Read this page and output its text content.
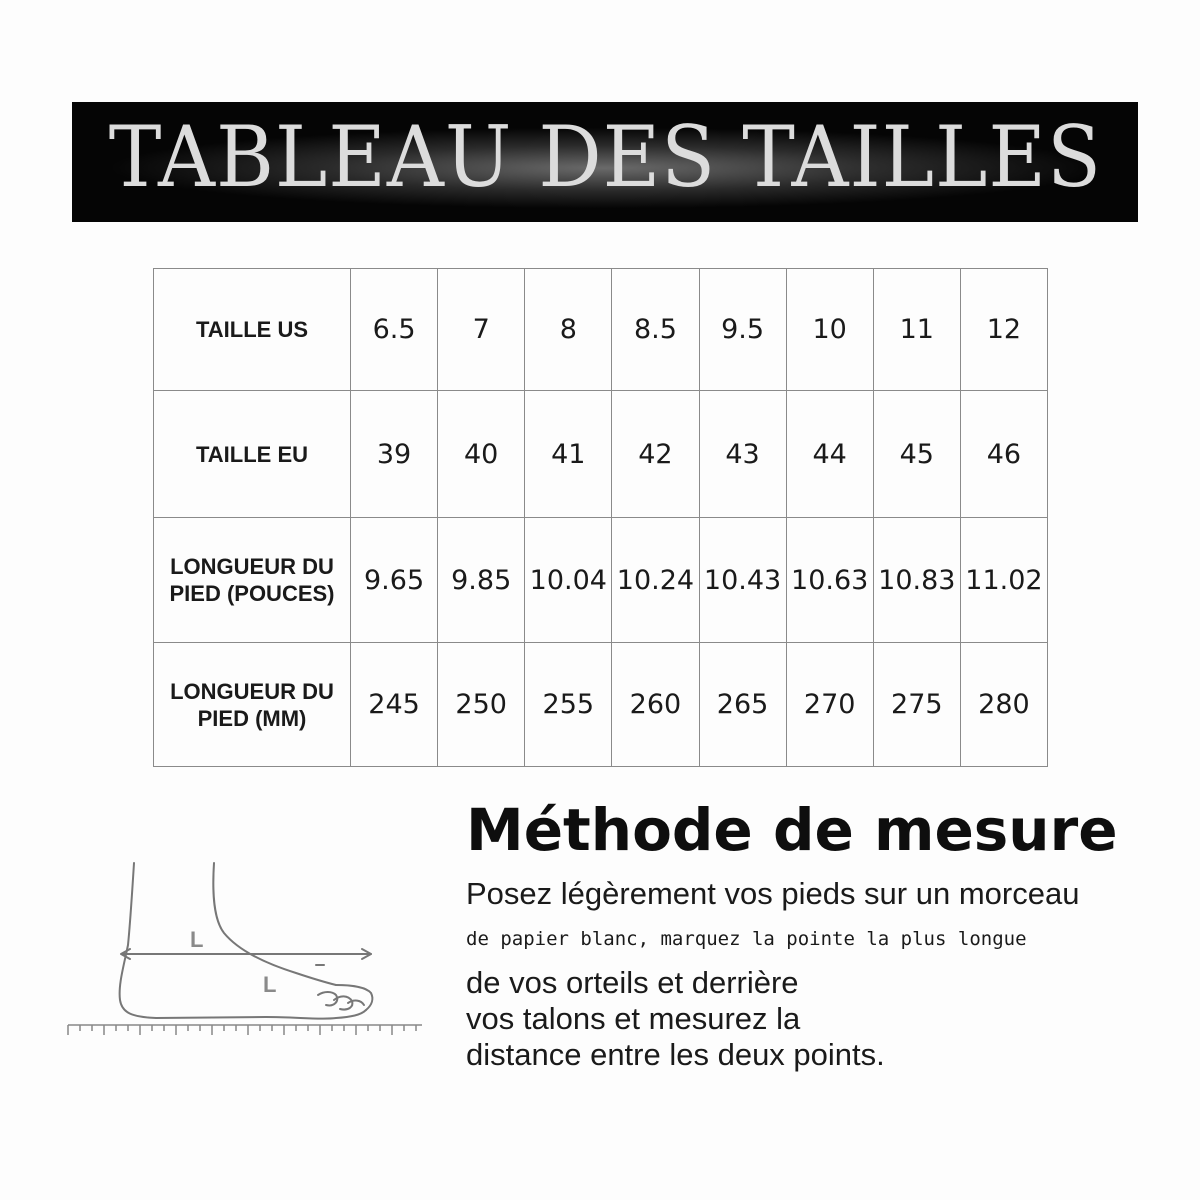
TABLEAU DES TAILLES
TAILLE US	6.5	7	8	8.5	9.5	10	11	12
TAILLE EU	39	40	41	42	43	44	45	46
LONGUEUR DU PIED (POUCES)	9.65	9.85	10.04	10.24	10.43	10.63	10.83	11.02
LONGUEUR DU PIED (MM)	245	250	255	260	265	270	275	280
L
L
Méthode de mesure
Posez légèrement vos pieds sur un morceau
de papier blanc, marquez la pointe la plus longue
de vos orteils et derrière
vos talons et mesurez la
distance entre les deux points.
